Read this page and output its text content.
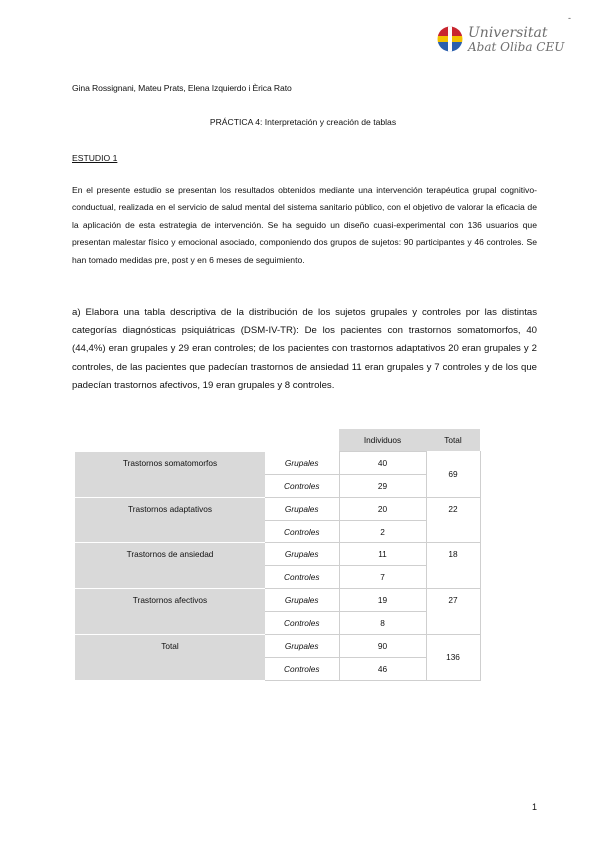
-
Universitat
Abat Oliba CEU
Gina Rossignani, Mateu Prats, Elena Izquierdo i Èrica Rato
PRÁCTICA 4: Interpretación y creación de tablas
ESTUDIO 1
En el presente estudio se presentan los resultados obtenidos mediante una intervención terapéutica grupal cognitivo-conductual, realizada en el servicio de salud mental del sistema sanitario público, con el objetivo de valorar la eficacia de la aplicación de esta estrategia de intervención. Se ha seguido un diseño cuasi-experimental con 136 usuarios que presentan malestar físico y emocional asociado, componiendo dos grupos de sujetos: 90 participantes y 46 controles. Se han tomado medidas pre, post y en 6 meses de seguimiento.
a) Elabora una tabla descriptiva de la distribución de los sujetos grupales y controles por las distintas categorías diagnósticas psiquiátricas (DSM-IV-TR): De los pacientes con trastornos somatomorfos, 40 (44,4%) eran grupales y 29 eran controles; de los pacientes con trastornos adaptativos 20 eran grupales y 2 controles, de las pacientes que padecían trastornos de ansiedad 11 eran grupales y 7 controles y de los que padecían trastornos afectivos, 19 eran grupales y 8 controles.
		Individuos	Total
Trastornos somatomorfos	Grupales	40	69
	Controles	29	
Trastornos adaptativos	Grupales	20	22
	Controles	2	
Trastornos de ansiedad	Grupales	11	18
	Controles	7	
Trastornos afectivos	Grupales	19	27
	Controles	8	
Total	Grupales	90	136
	Controles	46	
1
